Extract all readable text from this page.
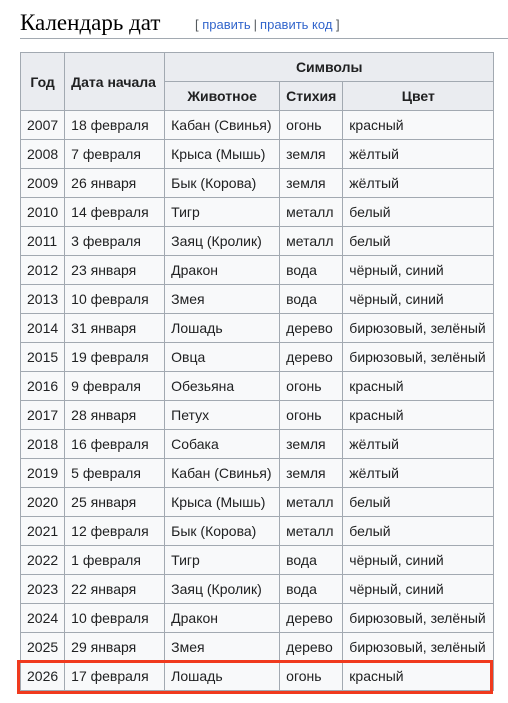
Календарь дат	[ править | править код ]
Год	Дата начала	Символы		
		Животное	Стихия	Цвет
2007	18 февраля	Кабан (Свинья)	огонь	красный
2008	7 февраля	Крыса (Мышь)	земля	жёлтый
2009	26 января	Бык (Корова)	земля	жёлтый
2010	14 февраля	Тигр	металл	белый
2011	3 февраля	Заяц (Кролик)	металл	белый
2012	23 января	Дракон	вода	чёрный, синий
2013	10 февраля	Змея	вода	чёрный, синий
2014	31 января	Лошадь	дерево	бирюзовый, зелёный
2015	19 февраля	Овца	дерево	бирюзовый, зелёный
2016	9 февраля	Обезьяна	огонь	красный
2017	28 января	Петух	огонь	красный
2018	16 февраля	Собака	земля	жёлтый
2019	5 февраля	Кабан (Свинья)	земля	жёлтый
2020	25 января	Крыса (Мышь)	металл	белый
2021	12 февраля	Бык (Корова)	металл	белый
2022	1 февраля	Тигр	вода	чёрный, синий
2023	22 января	Заяц (Кролик)	вода	чёрный, синий
2024	10 февраля	Дракон	дерево	бирюзовый, зелёный
2025	29 января	Змея	дерево	бирюзовый, зелёный
2026	17 февраля	Лошадь	огонь	красный
